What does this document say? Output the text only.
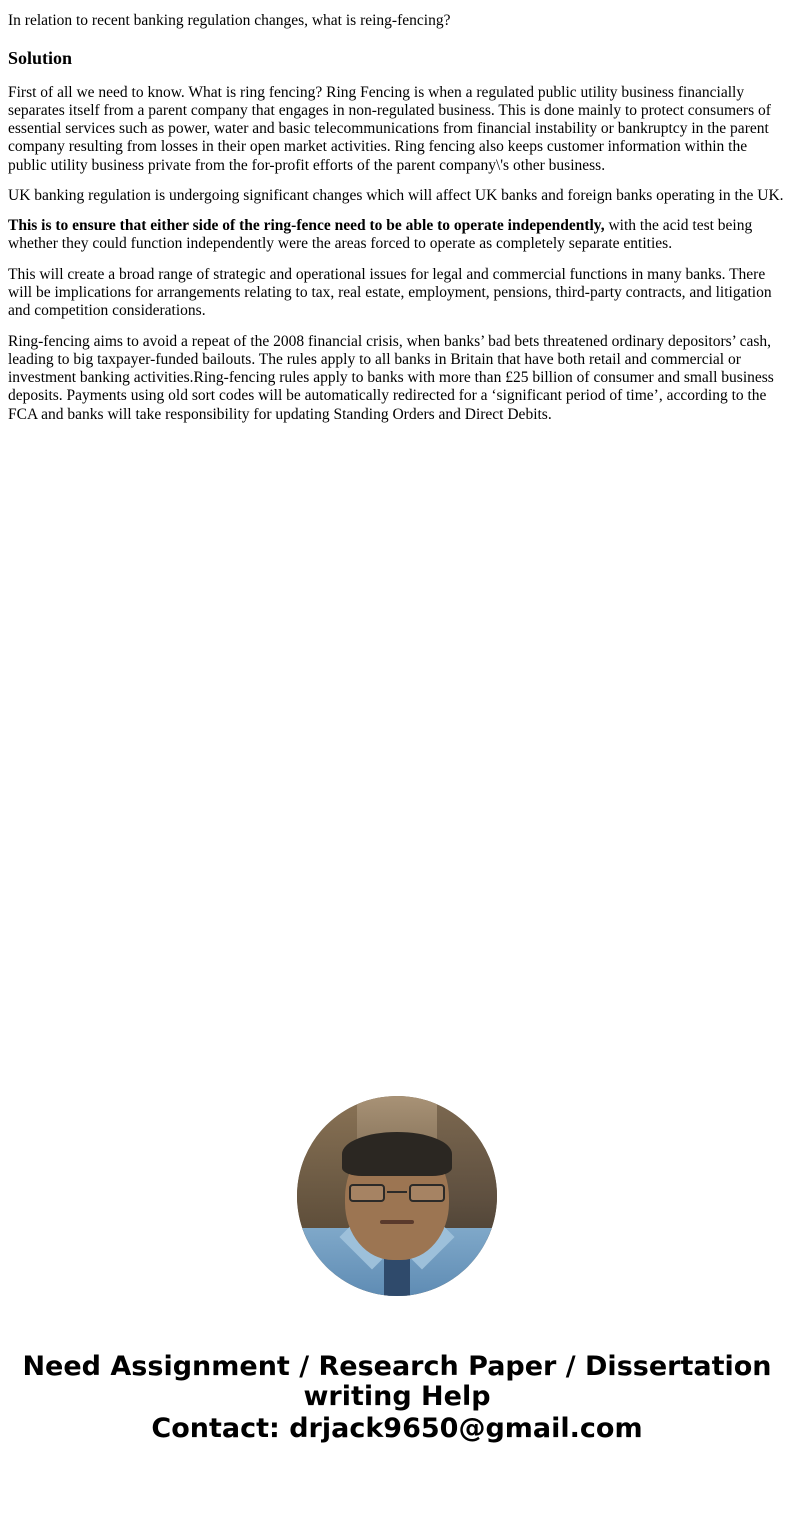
In relation to recent banking regulation changes, what is reing-fencing?

Solution

First of all we need to know. What is ring fencing? Ring Fencing is when a regulated public utility business financially separates itself from a parent company that engages in non-regulated business. This is done mainly to protect consumers of essential services such as power, water and basic telecommunications from financial instability or bankruptcy in the parent company resulting from losses in their open market activities. Ring fencing also keeps customer information within the public utility business private from the for-profit efforts of the parent company\'s other business.

UK banking regulation is undergoing significant changes which will affect UK banks and foreign banks operating in the UK.

This is to ensure that either side of the ring-fence need to be able to operate independently, with the acid test being whether they could function independently were the areas forced to operate as completely separate entities.

This will create a broad range of strategic and operational issues for legal and commercial functions in many banks. There will be implications for arrangements relating to tax, real estate, employment, pensions, third-party contracts, and litigation and competition considerations.

Ring-fencing aims to avoid a repeat of the 2008 financial crisis, when banks’ bad bets threatened ordinary depositors’ cash, leading to big taxpayer-funded bailouts. The rules apply to all banks in Britain that have both retail and commercial or investment banking activities.Ring-fencing rules apply to banks with more than £25 billion of consumer and small business deposits. Payments using old sort codes will be automatically redirected for a ‘significant period of time’, according to the FCA and banks will take responsibility for updating Standing Orders and Direct Debits.

Need Assignment / Research Paper / Dissertation
writing Help
Contact: drjack9650@gmail.com
